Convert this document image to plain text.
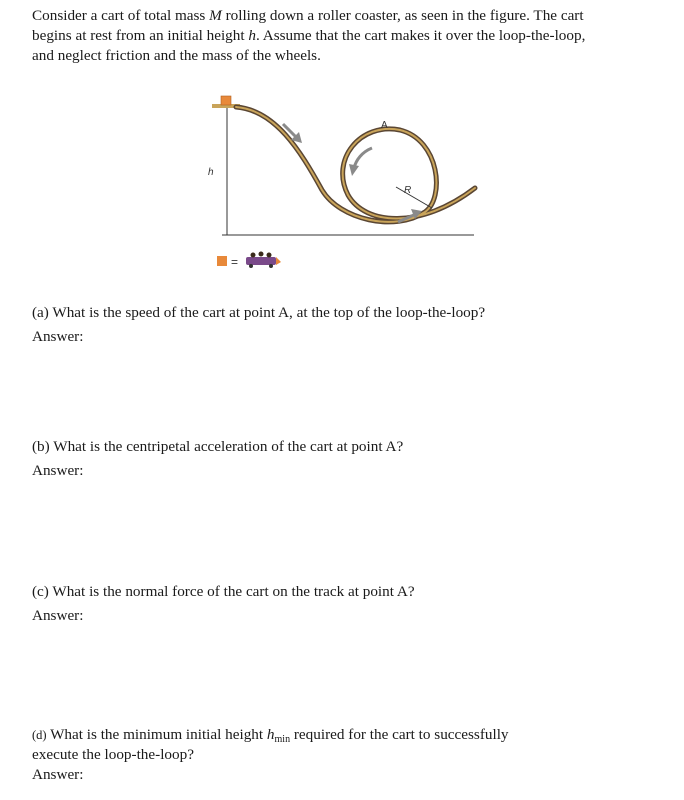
Consider a cart of total mass M rolling down a roller coaster, as seen in the figure. The cart
begins at rest from an initial height h. Assume that the cart makes it over the loop-the-loop,
and neglect friction and the mass of the wheels.
h
A
R
=
(a) What is the speed of the cart at point A, at the top of the loop-the-loop?
Answer:
(b) What is the centripetal acceleration of the cart at point A?
Answer:
(c) What is the normal force of the cart on the track at point A?
Answer:
(d) What is the minimum initial height $h_{min}$ required for the cart to successfully
execute the loop-the-loop?
Answer:
